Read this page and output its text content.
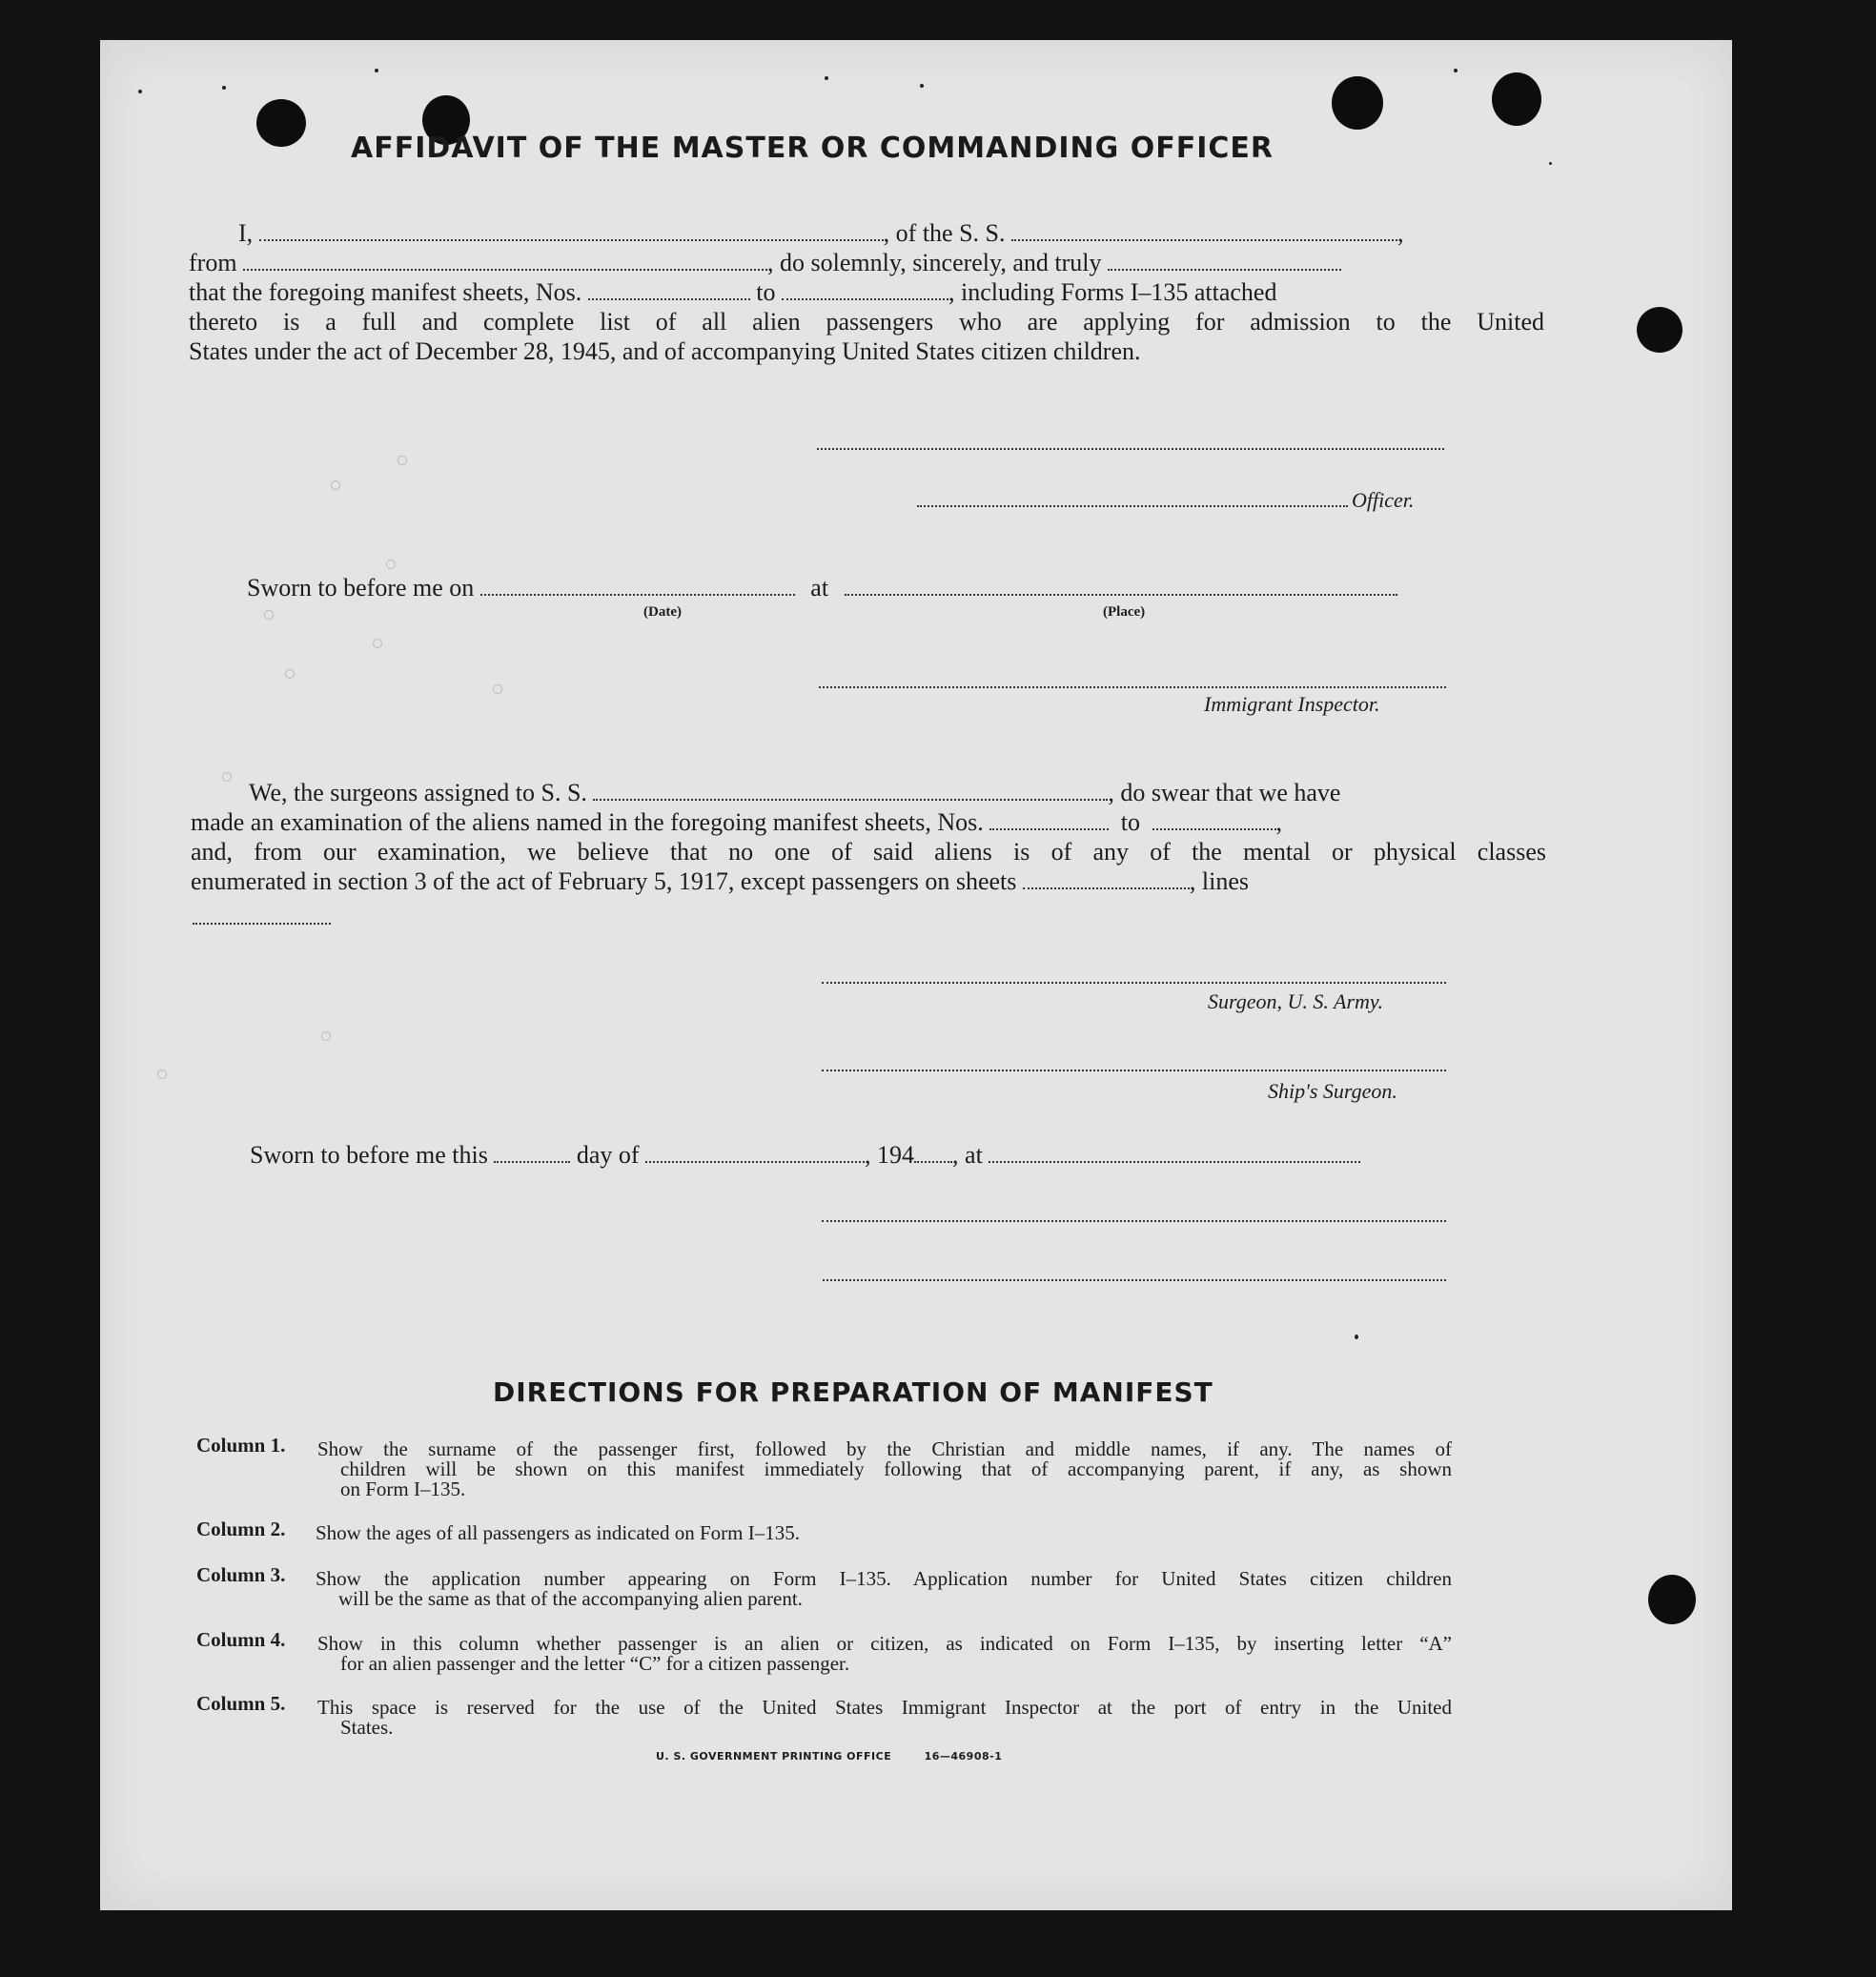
AFFIDAVIT OF THE MASTER OR COMMANDING OFFICER
I,	, of the S. S.	,
from	, do solemnly, sincerely, and truly
that the foregoing manifest sheets, Nos.	to	, including Forms I–135 attached
thereto is a full and complete list of all alien passengers who are applying for admission to the United
States under the act of December 28, 1945, and of accompanying United States citizen children.
Officer.
Sworn to before me on	at
(Date)	(Place)
Immigrant Inspector.
We, the surgeons assigned to S. S.	, do swear that we have
made an examination of the aliens named in the foregoing manifest sheets, Nos.	to	,
and, from our examination, we believe that no one of said aliens is of any of the mental or physical classes
enumerated in section 3 of the act of February 5, 1917, except passengers on sheets	, lines
Surgeon, U. S. Army.
Ship's Surgeon.
Sworn to before me this	day of	, 194 , at
DIRECTIONS FOR PREPARATION OF MANIFEST
Column 1. Show the surname of the passenger first, followed by the Christian and middle names, if any. The names of

children will be shown on this manifest immediately following that of accompanying parent, if any, as shown

on Form I–135.

Column 2. Show the ages of all passengers as indicated on Form I–135.

Column 3. Show the application number appearing on Form I–135. Application number for United States citizen children

will be the same as that of the accompanying alien parent.

Column 4. Show in this column whether passenger is an alien or citizen, as indicated on Form I–135, by inserting letter “A”

for an alien passenger and the letter “C” for a citizen passenger.

Column 5. This space is reserved for the use of the United States Immigrant Inspector at the port of entry in the United

States.

U. S. GOVERNMENT PRINTING OFFICE	16—46908-1
